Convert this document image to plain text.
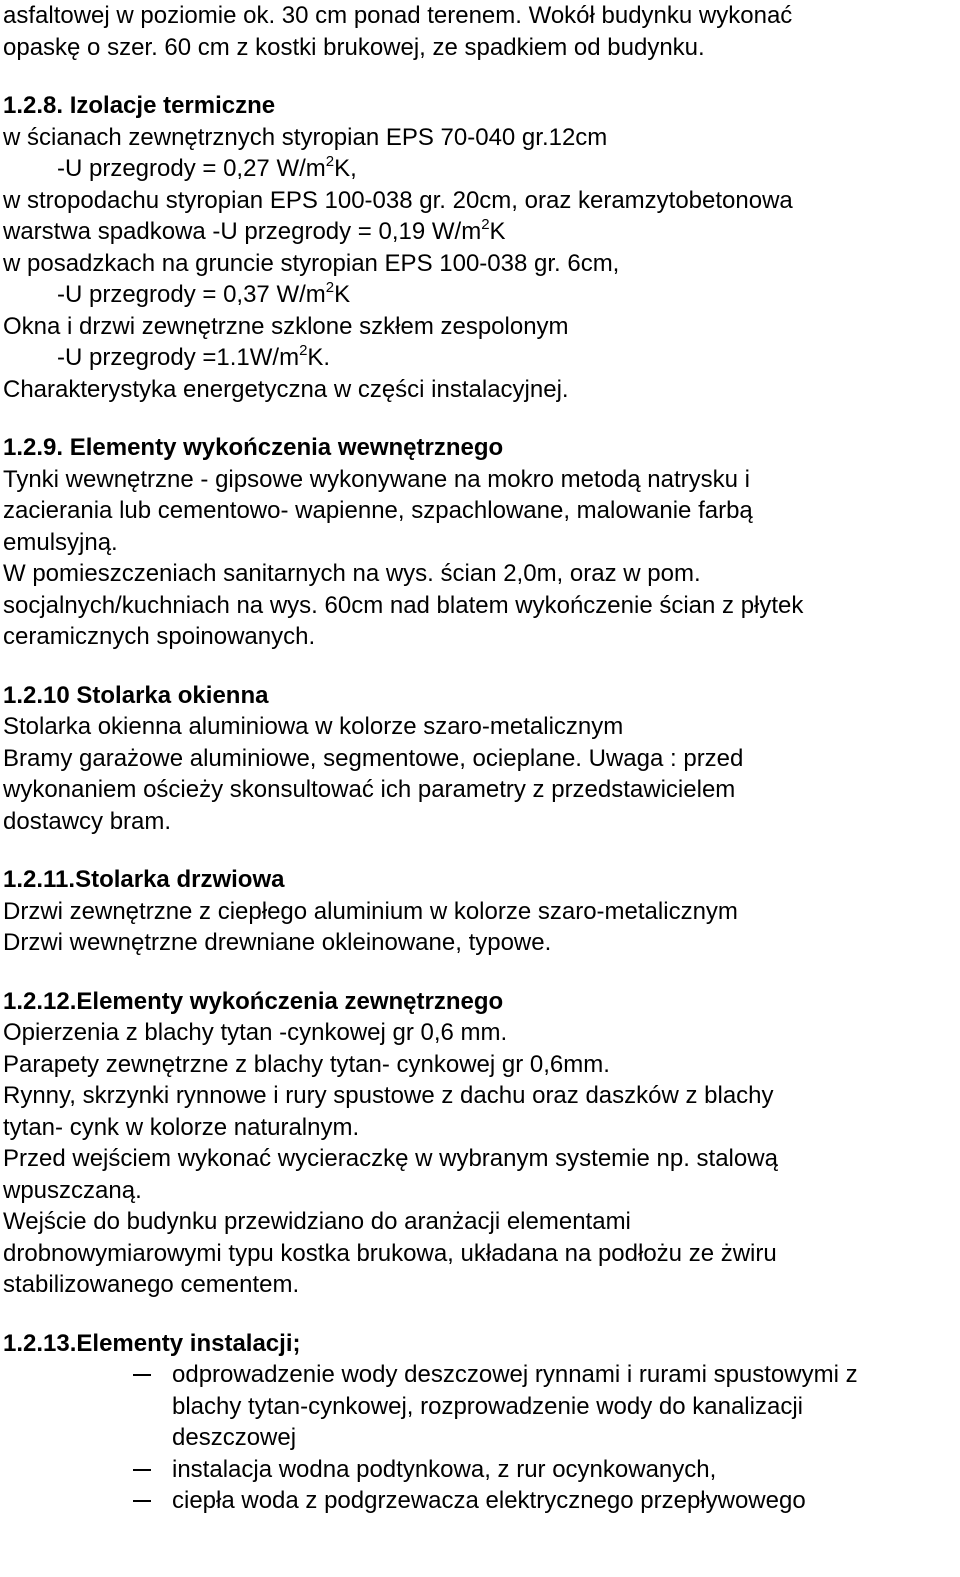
asfaltowej w poziomie ok. 30 cm ponad terenem. Wokół budynku wykonać
opaskę o szer. 60 cm z kostki brukowej, ze spadkiem od budynku.
1.2.8. Izolacje termiczne
w ścianach zewnętrznych styropian EPS 70-040 gr.12cm
-U przegrody = 0,27 $W/m^2K$,
w stropodachu styropian EPS 100-038 gr. 20cm, oraz keramzytobetonowa
warstwa spadkowa -U przegrody = 0,19 $W/m^2K$
w posadzkach na gruncie styropian EPS 100-038 gr. 6cm,
-U przegrody = 0,37 $W/m^2K$
Okna i drzwi zewnętrzne szklone szkłem zespolonym
-U przegrody $=1.1W/m^2K$.
Charakterystyka energetyczna w części instalacyjnej.
1.2.9. Elementy wykończenia wewnętrznego
Tynki wewnętrzne - gipsowe wykonywane na mokro metodą natrysku i
zacierania lub cementowo- wapienne, szpachlowane, malowanie farbą
emulsyjną.
W pomieszczeniach sanitarnych na wys. ścian 2,0m, oraz w pom.
socjalnych/kuchniach na wys. 60cm nad blatem wykończenie ścian z płytek
ceramicznych spoinowanych.
1.2.10 Stolarka okienna
Stolarka okienna aluminiowa w kolorze szaro-metalicznym
Bramy garażowe aluminiowe, segmentowe, ocieplane. Uwaga : przed
wykonaniem ościeży skonsultować ich parametry z przedstawicielem
dostawcy bram.
1.2.11.Stolarka drzwiowa
Drzwi zewnętrzne z ciepłego aluminium w kolorze szaro-metalicznym
Drzwi wewnętrzne drewniane okleinowane, typowe.
1.2.12.Elementy wykończenia zewnętrznego
Opierzenia z blachy tytan -cynkowej gr 0,6 mm.
Parapety zewnętrzne z blachy tytan- cynkowej gr 0,6mm.
Rynny, skrzynki rynnowe i rury spustowe z dachu oraz daszków z blachy
tytan- cynk w kolorze naturalnym.
Przed wejściem wykonać wycieraczkę w wybranym systemie np. stalową
wpuszczaną.
Wejście do budynku przewidziano do aranżacji elementami
drobnowymiarowymi typu kostka brukowa, układana na podłożu ze żwiru
stabilizowanego cementem.
1.2.13.Elementy instalacji;
odprowadzenie wody deszczowej rynnami i rurami spustowymi z
blachy tytan-cynkowej, rozprowadzenie wody do kanalizacji
deszczowej
instalacja wodna podtynkowa, z rur ocynkowanych,
ciepła woda z podgrzewacza elektrycznego przepływowego
